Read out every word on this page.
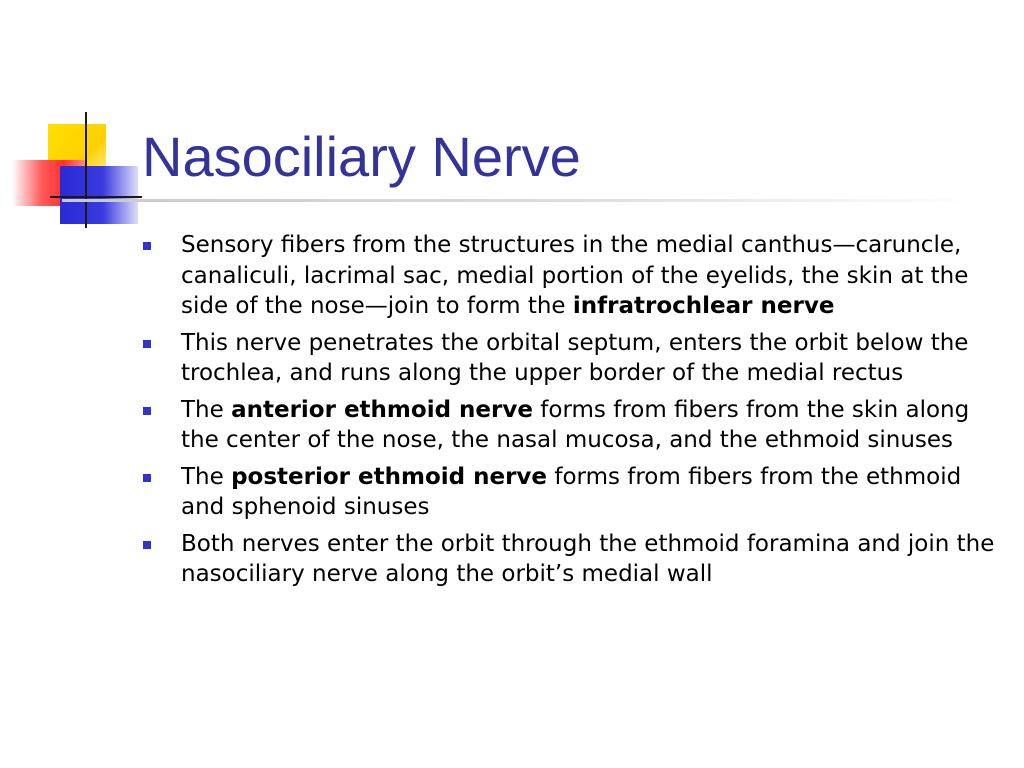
Nasociliary Nerve

Sensory fibers from the structures in the medial canthus—caruncle, canaliculi, lacrimal sac, medial portion of the eyelids, the skin at the side of the nose—join to form the infratrochlear nerve

This nerve penetrates the orbital septum, enters the orbit below the trochlea, and runs along the upper border of the medial rectus

The anterior ethmoid nerve forms from fibers from the skin along the center of the nose, the nasal mucosa, and the ethmoid sinuses

The posterior ethmoid nerve forms from fibers from the ethmoid and sphenoid sinuses

Both nerves enter the orbit through the ethmoid foramina and join the nasociliary nerve along the orbit’s medial wall
